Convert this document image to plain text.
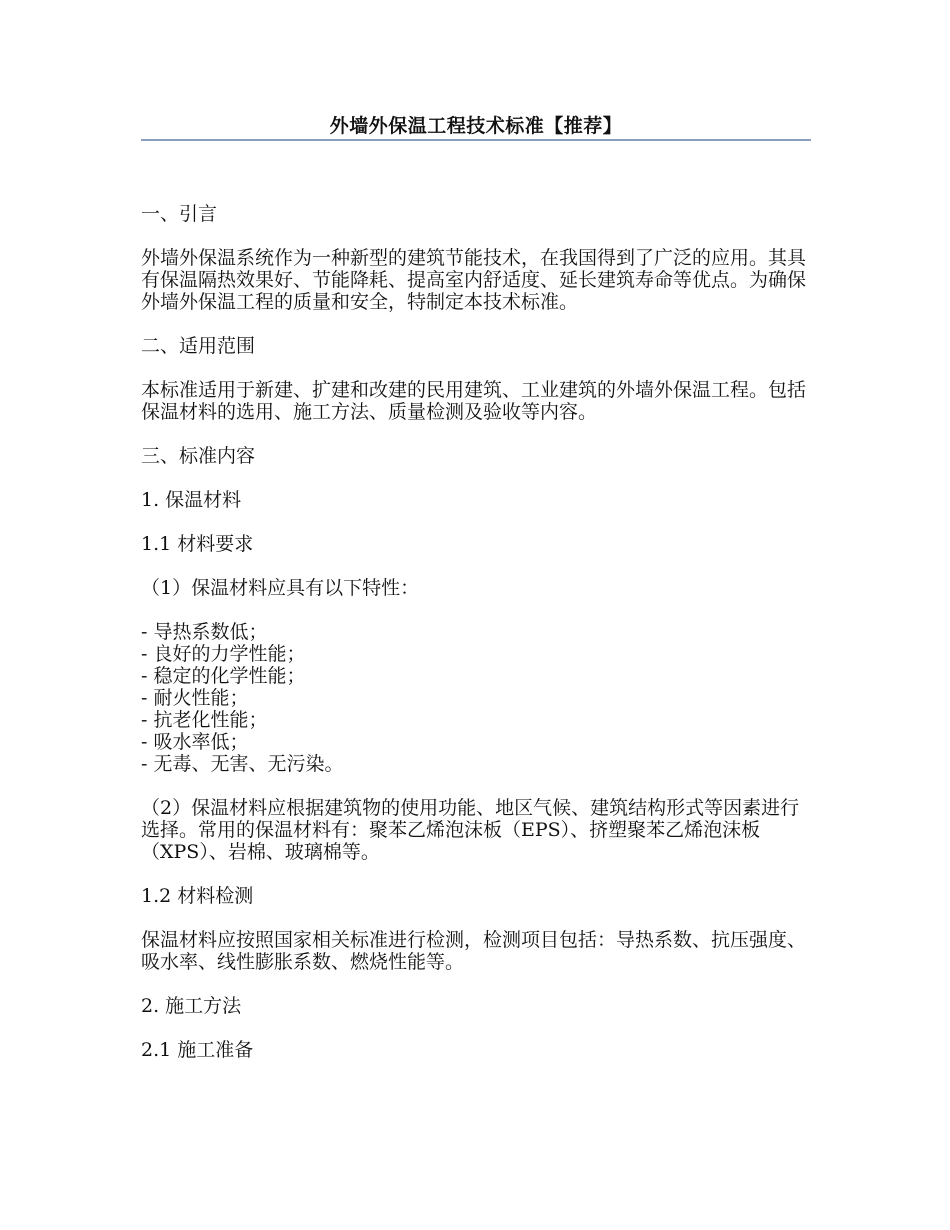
外墙外保温工程技术标准【推荐】
一、引言
外墙外保温系统作为一种新型的建筑节能技术，在我国得到了广泛的应用。其具有保温隔热效果好、节能降耗、提高室内舒适度、延长建筑寿命等优点。为确保外墙外保温工程的质量和安全，特制定本技术标准。
二、适用范围
本标准适用于新建、扩建和改建的民用建筑、工业建筑的外墙外保温工程。包括保温材料的选用、施工方法、质量检测及验收等内容。
三、标准内容
1. 保温材料
1.1 材料要求
（1）保温材料应具有以下特性：
- 导热系数低；
- 良好的力学性能；
- 稳定的化学性能；
- 耐火性能；
- 抗老化性能；
- 吸水率低；
- 无毒、无害、无污染。
（2）保温材料应根据建筑物的使用功能、地区气候、建筑结构形式等因素进行选择。常用的保温材料有：聚苯乙烯泡沫板（EPS）、挤塑聚苯乙烯泡沫板（XPS）、岩棉、玻璃棉等。
1.2 材料检测
保温材料应按照国家相关标准进行检测，检测项目包括：导热系数、抗压强度、吸水率、线性膨胀系数、燃烧性能等。
2. 施工方法
2.1 施工准备
